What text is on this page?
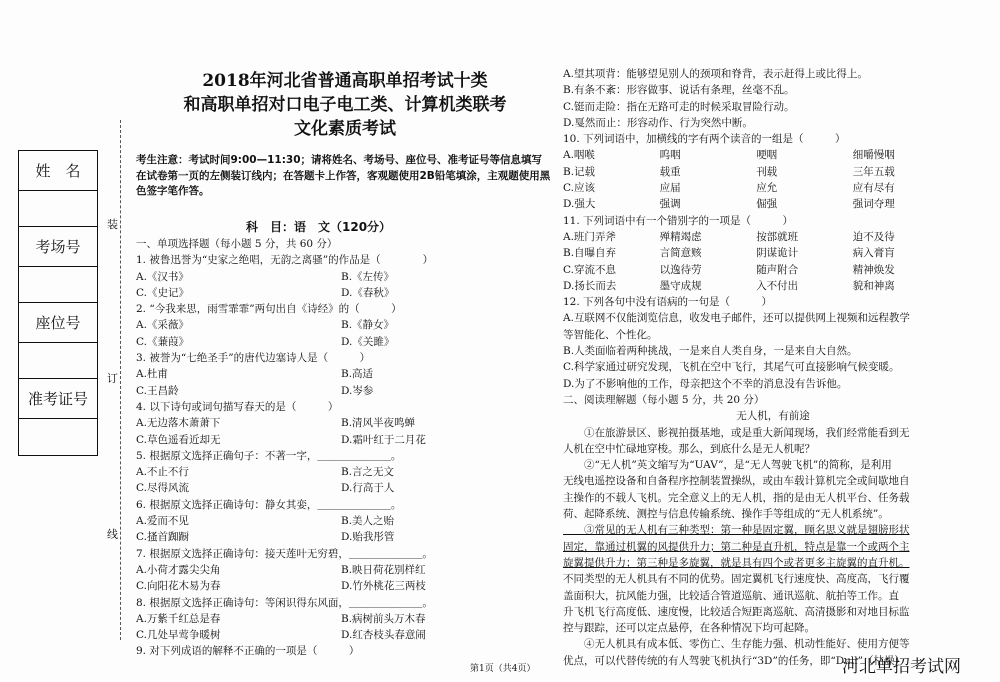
2018年河北省普通高职单招考试十类
和高职单招对口电子电工类、计算机类联考
文化素质考试
姓　名
考场号
座位号
准考证号
装
订
线
考生注意：考试时间9:00—11:30；请将姓名、考场号、座位号、准考证号等信息填写在试卷第一页的左侧装订线内；在答题卡上作答，客观题使用2B铅笔填涂，主观题使用黑色签字笔作答。
科　目：语　文（120分）
一、单项选择题（每小题 5 分，共 60 分）
1. 被鲁迅誉为“史家之绝唱，无韵之离骚”的作品是（　　　　）
A.《汉书》	B.《左传》
C.《史记》	D.《春秋》
2. “今我来思，雨雪霏霏”两句出自《诗经》的（　　　）
A.《采薇》	B.《静女》
C.《蒹葭》	D.《关雎》
3. 被誉为“七绝圣手”的唐代边塞诗人是（　　　）
A.杜甫	B.高适
C.王昌龄	D.岑参
4. 以下诗句或词句描写春天的是（　　　）
A.无边落木萧萧下	B.清风半夜鸣蝉
C.草色遥看近却无	D.霜叶红于二月花
5. 根据原文选择正确句子：不著一字，＿＿＿＿＿＿＿。
A.不止不行	B.言之无文
C.尽得风流	D.行高于人
6. 根据原文选择正确诗句：静女其娈，＿＿＿＿＿＿＿。
A.爱而不见	B.美人之贻
C.搔首踟蹰	D.贻我彤管
7. 根据原文选择正确诗句：接天莲叶无穷碧，＿＿＿＿＿＿＿。
A.小荷才露尖尖角	B.映日荷花别样红
C.向阳花木易为春	D.竹外桃花三两枝
8. 根据原文选择正确诗句：等闲识得东风面，＿＿＿＿＿＿＿。
A.万紫千红总是春	B.病树前头万木春
C.几处早莺争暖树	D.红杏枝头春意闹
9. 对下列成语的解释不正确的一项是（　　　）
A.望其项背：能够望见别人的颈项和脊背，表示赶得上或比得上。
B.有条不紊：形容做事、说话有条理，丝毫不乱。
C.铤而走险：指在无路可走的时候采取冒险行动。
D.戛然而止：形容动作、行为突然中断。
10. 下列词语中，加横线的字有两个读音的一组是（　　　）
A.咽喉	呜咽	哽咽	细嚼慢咽
B.记载	载重	刊载	三年五载
C.应该	应届	应允	应有尽有
D.强大	强调	倔强	强词夺理
11. 下列词语中有一个错别字的一项是（　　　）
A.班门弄斧	殚精竭虑	按部就班	迫不及待
B.自曝自弃	言简意赅	阴谋诡计	病入膏肓
C.穿流不息	以逸待劳	随声附合	精神焕发
D.扬长而去	墨守成规	入不付出	貌和神离
12. 下列各句中没有语病的一句是（　　　）
A.互联网不仅能浏览信息，收发电子邮件，还可以提供网上视频和远程教学
等智能化、个性化。
B.人类面临着两种挑战，一是来自人类自身，一是来自大自然。
C.科学家通过研究发现，飞机在空中飞行，其尾气可直接影响气候变暖。
D.为了不影响他的工作，母亲把这个不幸的消息没有告诉他。
二、阅读理解题（每小题 5 分，共 20 分）
无人机，有前途
　　①在旅游景区、影视拍摄基地，或是重大新闻现场，我们经常能看到无
人机在空中忙碌地穿梭。那么，到底什么是无人机呢？
　　②“无人机”英文缩写为“UAV”，是“无人驾驶飞机”的简称，是利用
无线电遥控设备和自备程序控制装置操纵，或由车载计算机完全或间歇地自
主操作的不载人飞机。完全意义上的无人机，指的是由无人机平台、任务载
荷、起降系统、测控与信息传输系统、操作手等组成的“无人机系统”。
　　③常见的无人机有三种类型：第一种是固定翼，顾名思义就是翅膀形状
固定，靠通过机翼的风提供升力；第二种是直升机，特点是靠一个或两个主
旋翼提供升力；第三种是多旋翼，就是具有四个或者更多主旋翼的直升机。
不同类型的无人机具有不同的优势。固定翼机飞行速度快、高度高，飞行覆
盖面积大，抗风能力强，比较适合管道巡航、通讯巡航、航拍等工作。直
升飞机飞行高度低、速度慢，比较适合短距离巡航、高清摄影和对地目标监
控与跟踪，还可以定点悬停，在各种情况下均可起降。
　　④无人机具有成本低、零伤亡、生存能力强、机动性能好、使用方便等
优点，可以代替传统的有人驾驶飞机执行“3D”的任务，即“Dull”（枯燥）
第1页（共4页）	河北单招考试网
